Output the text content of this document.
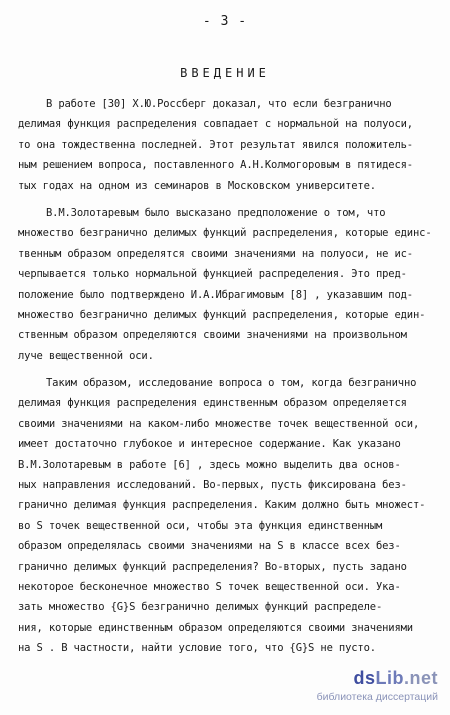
- 3 -
ВВЕДЕНИЕ
В работе [30] Х.Ю.Россберг доказал, что если безгранично
делимая функция распределения совпадает с нормальной на полуоси,
то она тождественна последней. Этот результат явился положитель-
ным решением вопроса, поставленного А.Н.Колмогоровым в пятидеся-
тых годах на одном из семинаров в Московском университете.
В.М.Золотаревым было высказано предположение о том, что
множество безгранично делимых функций распределения, которые единс-
твенным образом определятся своими значениями на полуоси, не ис-
черпывается только нормальной функцией распределения. Это пред-
положение было подтверждено И.А.Ибрагимовым [8] , указавшим под-
множество безгранично делимых функций распределения, которые един-
ственным образом определяются своими значениями на произвольном
луче вещественной оси.
Таким образом, исследование вопроса о том, когда безгранично
делимая функция распределения единственным образом определяется
своими значениями на каком-либо множестве точек вещественной оси,
имеет достаточно глубокое и интересное содержание. Как указано
В.М.Золотаревым в работе [6] , здесь можно выделить два основ-
ных направления исследований. Во-первых, пусть фиксирована без-
гранично делимая функция распределения. Каким должно быть множест-
во S точек вещественной оси, чтобы эта функция единственным
образом определялась своими значениями на S в классе всех без-
гранично делимых функций распределения? Во-вторых, пусть задано
некоторое бесконечное множество S точек вещественной оси. Ука-
зать множество {G}S безгранично делимых функций распределе-
ния, которые единственным образом определяются своими значениями
на S . В частности, найти условие того, что {G}S не пусто.
dsLib.net
библиотека диссертаций
